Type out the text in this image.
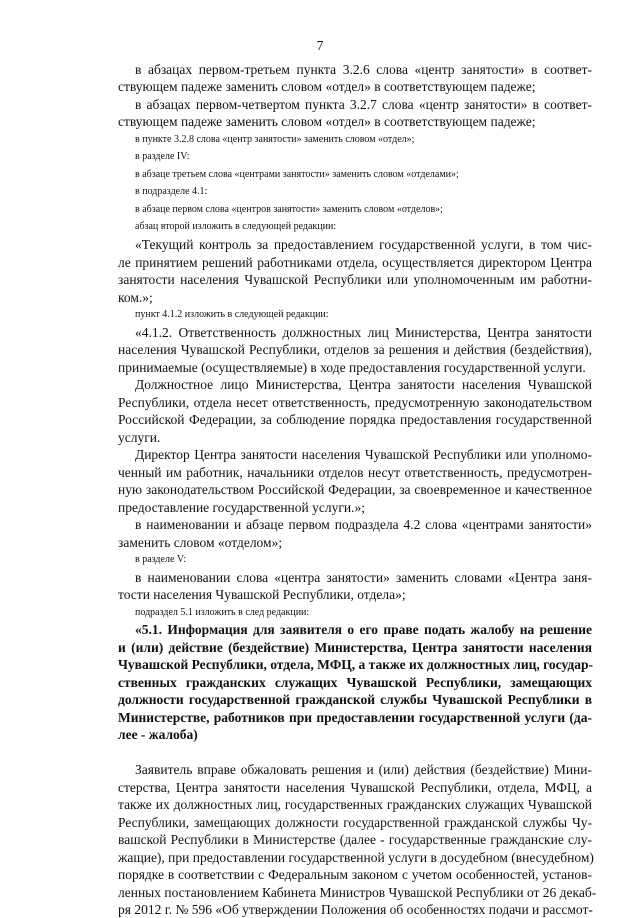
7
в абзацах первом-третьем пункта 3.2.6 слова «центр занятости» в соответ-
ствующем падеже заменить словом «отдел» в соответствующем падеже;
в абзацах первом-четвертом пункта 3.2.7 слова «центр занятости» в соответ-
ствующем падеже заменить словом «отдел» в соответствующем падеже;
в пункте 3.2.8 слова «центр занятости» заменить словом «отдел»;
в разделе IV:
в абзаце третьем слова «центрами занятости» заменить словом «отделами»;
в подразделе 4.1:
в абзаце первом слова «центров занятости» заменить словом «отделов»;
абзац второй изложить в следующей редакции:
«Текущий контроль за предоставлением государственной услуги, в том чис-
ле принятием решений работниками отдела, осуществляется директором Центра
занятости населения Чувашской Республики или уполномоченным им работни-
ком.»;
пункт 4.1.2 изложить в следующей редакции:
«4.1.2. Ответственность должностных лиц Министерства, Центра занятости
населения Чувашской Республики, отделов за решения и действия (бездействия),
принимаемые (осуществляемые) в ходе предоставления государственной услуги.
Должностное лицо Министерства, Центра занятости населения Чувашской
Республики, отдела несет ответственность, предусмотренную законодательством
Российской Федерации, за соблюдение порядка предоставления государственной
услуги.
Директор Центра занятости населения Чувашской Республики или уполномо-
ченный им работник, начальники отделов несут ответственность, предусмотрен-
ную законодательством Российской Федерации, за своевременное и качественное
предоставление государственной услуги.»;
в наименовании и абзаце первом подраздела 4.2 слова «центрами занятости»
заменить словом «отделом»;
в разделе V:
в наименовании слова «центра занятости» заменить словами «Центра заня-
тости населения Чувашской Республики, отдела»;
подраздел 5.1 изложить в след редакции:
«5.1. Информация для заявителя о его праве подать жалобу на решение
и (или) действие (бездействие) Министерства, Центра занятости населения
Чувашской Республики, отдела, МФЦ, а также их должностных лиц, государ-
ственных гражданских служащих Чувашской Республики, замещающих
должности государственной гражданской службы Чувашской Республики в
Министерстве, работников при предоставлении государственной услуги (да-
лее - жалоба)
Заявитель вправе обжаловать решения и (или) действия (бездействие) Мини-
стерства, Центра занятости населения Чувашской Республики, отдела, МФЦ, а
также их должностных лиц, государственных гражданских служащих Чувашской
Республики, замещающих должности государственной гражданской службы Чу-
вашской Республики в Министерстве (далее - государственные гражданские слу-
жащие), при предоставлении государственной услуги в досудебном (внесудебном)
порядке в соответствии с Федеральным законом с учетом особенностей, установ-
ленных постановлением Кабинета Министров Чувашской Республики от 26 декаб-
ря 2012 г. № 596 «Об утверждении Положения об особенностях подачи и рассмот-
